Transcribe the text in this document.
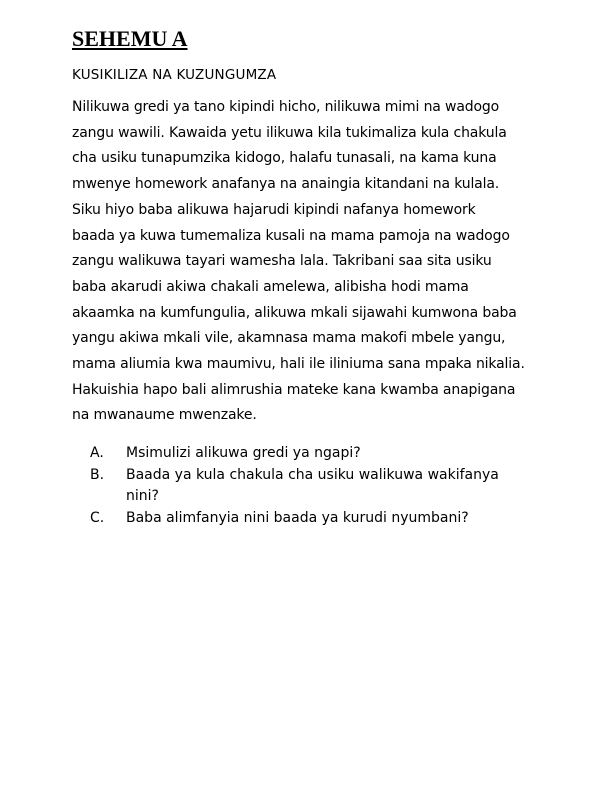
SEHEMU A

KUSIKILIZA NA KUZUNGUMZA

Nilikuwa gredi ya tano kipindi hicho, nilikuwa mimi na wadogo
zangu wawili. Kawaida yetu ilikuwa kila tukimaliza kula chakula
cha usiku tunapumzika kidogo, halafu tunasali, na kama kuna
mwenye homework anafanya na anaingia kitandani na kulala.
Siku hiyo baba alikuwa hajarudi kipindi nafanya homework
baada ya kuwa tumemaliza kusali na mama pamoja na wadogo
zangu walikuwa tayari wamesha lala. Takribani saa sita usiku
baba akarudi akiwa chakali amelewa, alibisha hodi mama
akaamka na kumfungulia, alikuwa mkali sijawahi kumwona baba
yangu akiwa mkali vile, akamnasa mama makofi mbele yangu,
mama aliumia kwa maumivu, hali ile iliniuma sana mpaka nikalia.
Hakuishia hapo bali alimrushia mateke kana kwamba anapigana
na mwanaume mwenzake.
A.	Msimulizi alikuwa gredi ya ngapi?
B.	Baada ya kula chakula cha usiku walikuwa wakifanya nini?
C.	Baba alimfanyia nini baada ya kurudi nyumbani?
